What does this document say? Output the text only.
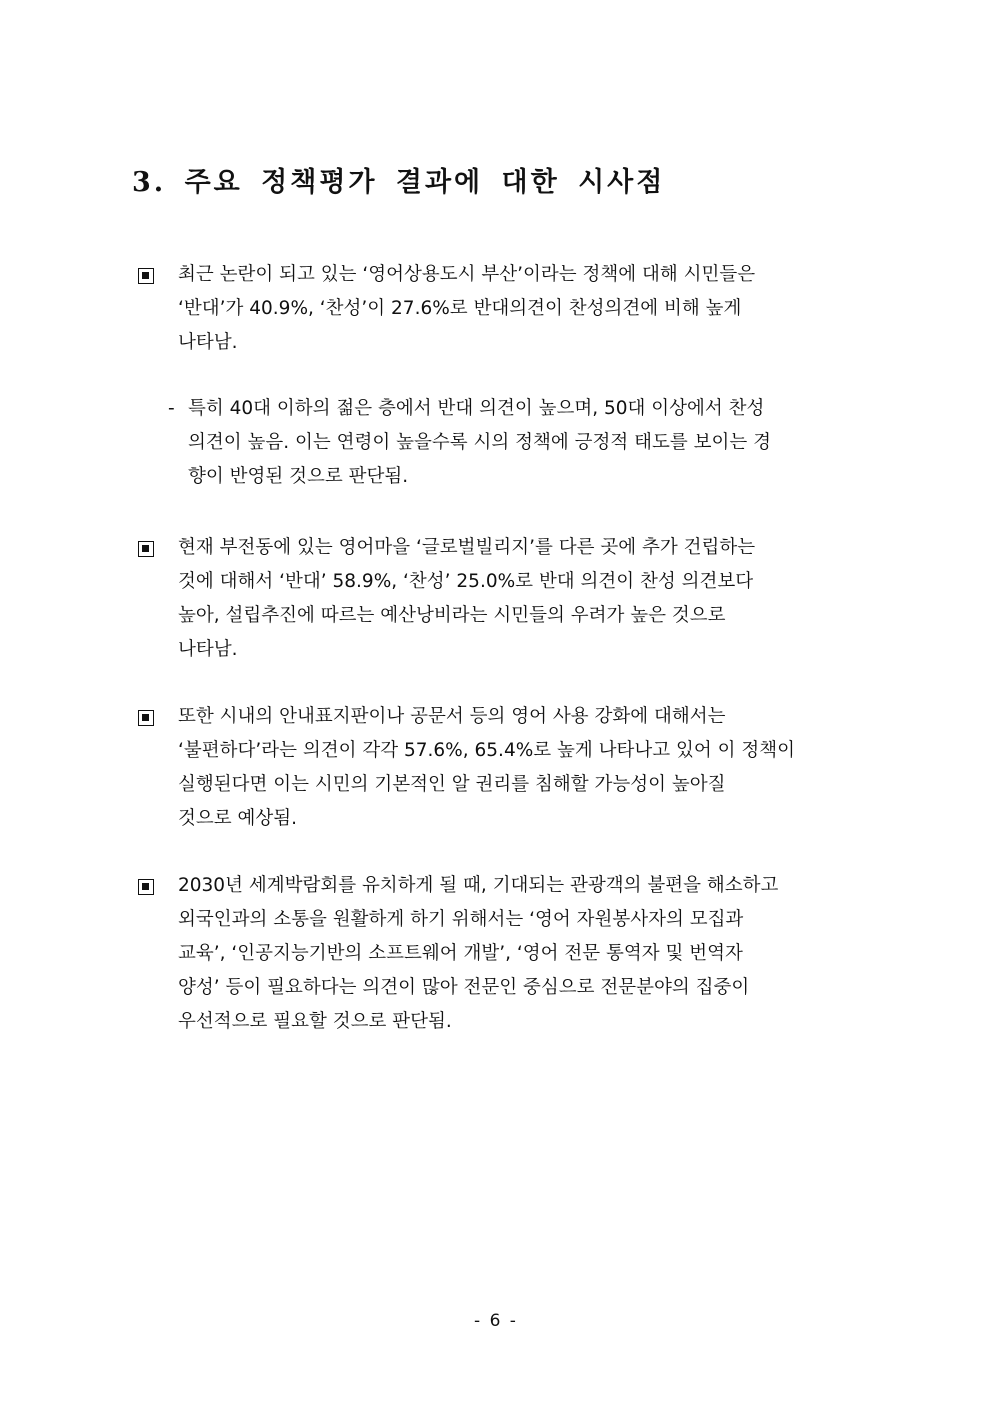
3. 주요 정책평가 결과에 대한 시사점
최근 논란이 되고 있는 ‘영어상용도시 부산’이라는 정책에 대해 시민들은
‘반대’가 40.9%, ‘찬성’이 27.6%로 반대의견이 찬성의견에 비해 높게
나타남.
- 특히 40대 이하의 젊은 층에서 반대 의견이 높으며, 50대 이상에서 찬성
의견이 높음. 이는 연령이 높을수록 시의 정책에 긍정적 태도를 보이는 경
향이 반영된 것으로 판단됨.
현재 부전동에 있는 영어마을 ‘글로벌빌리지’를 다른 곳에 추가 건립하는
것에 대해서 ‘반대’ 58.9%, ‘찬성’ 25.0%로 반대 의견이 찬성 의견보다
높아, 설립추진에 따르는 예산낭비라는 시민들의 우려가 높은 것으로
나타남.
또한 시내의 안내표지판이나 공문서 등의 영어 사용 강화에 대해서는
‘불편하다’라는 의견이 각각 57.6%, 65.4%로 높게 나타나고 있어 이 정책이
실행된다면 이는 시민의 기본적인 알 권리를 침해할 가능성이 높아질
것으로 예상됨.
2030년 세계박람회를 유치하게 될 때, 기대되는 관광객의 불편을 해소하고
외국인과의 소통을 원활하게 하기 위해서는 ‘영어 자원봉사자의 모집과
교육’, ‘인공지능기반의 소프트웨어 개발’, ‘영어 전문 통역자 및 번역자
양성’ 등이 필요하다는 의견이 많아 전문인 중심으로 전문분야의 집중이
우선적으로 필요할 것으로 판단됨.
- 6 -
